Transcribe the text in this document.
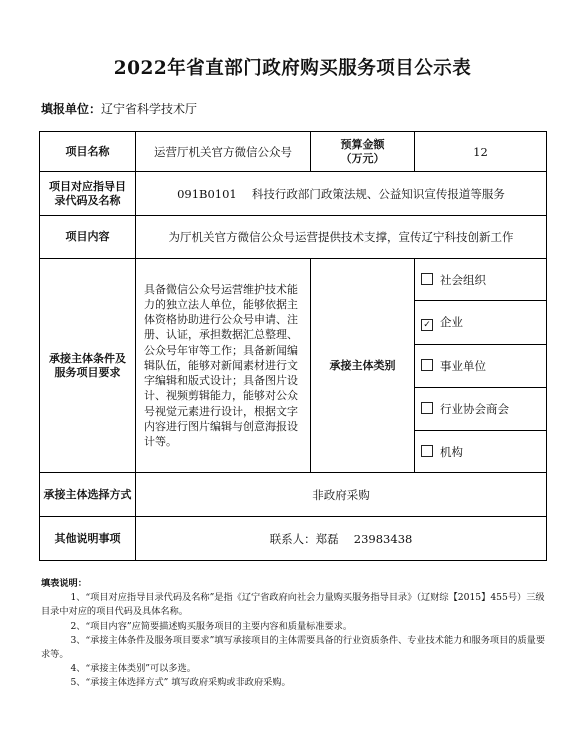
2022年省直部门政府购买服务项目公示表
填报单位：辽宁省科学技术厅
项目名称	运营厅机关官方微信公众号	预算金额
（万元）	12

项目对应指导目
录代码及名称	091B0101　 科技行政部门政策法规、公益知识宣传报道等服务		
项目内容	为厅机关官方微信公众号运营提供技术支撑，宣传辽宁科技创新工作		

承接主体条件及
服务项目要求	具备微信公众号运营维护技术能力的独立法人单位，能够依据主体资格协助进行公众号申请、注册、认证，承担数据汇总整理、公众号年审等工作；具备新闻编辑队伍，能够对新闻素材进行文字编辑和版式设计；具备图片设计、视频剪辑能力，能够对公众号视觉元素进行设计，根据文字内容进行图片编辑与创意海报设计等。	承接主体类别	社会组织
			✓ 企业
			事业单位
			行业协会商会
			机构
承接主体选择方式	非政府采购		
其他说明事项	联系人：郑磊　 23983438		

填表说明：

1、“项目对应指导目录代码及名称”是指《辽宁省政府向社会力量购买服务指导目录》（辽财综【2015】455号）三级目录中对应的项目代码及具体名称。

2、“项目内容”应简要描述购买服务项目的主要内容和质量标准要求。

3、“承接主体条件及服务项目要求”填写承接项目的主体需要具备的行业资质条件、专业技术能力和服务项目的质量要求等。

4、“承接主体类别”可以多选。

5、“承接主体选择方式” 填写政府采购或非政府采购。
